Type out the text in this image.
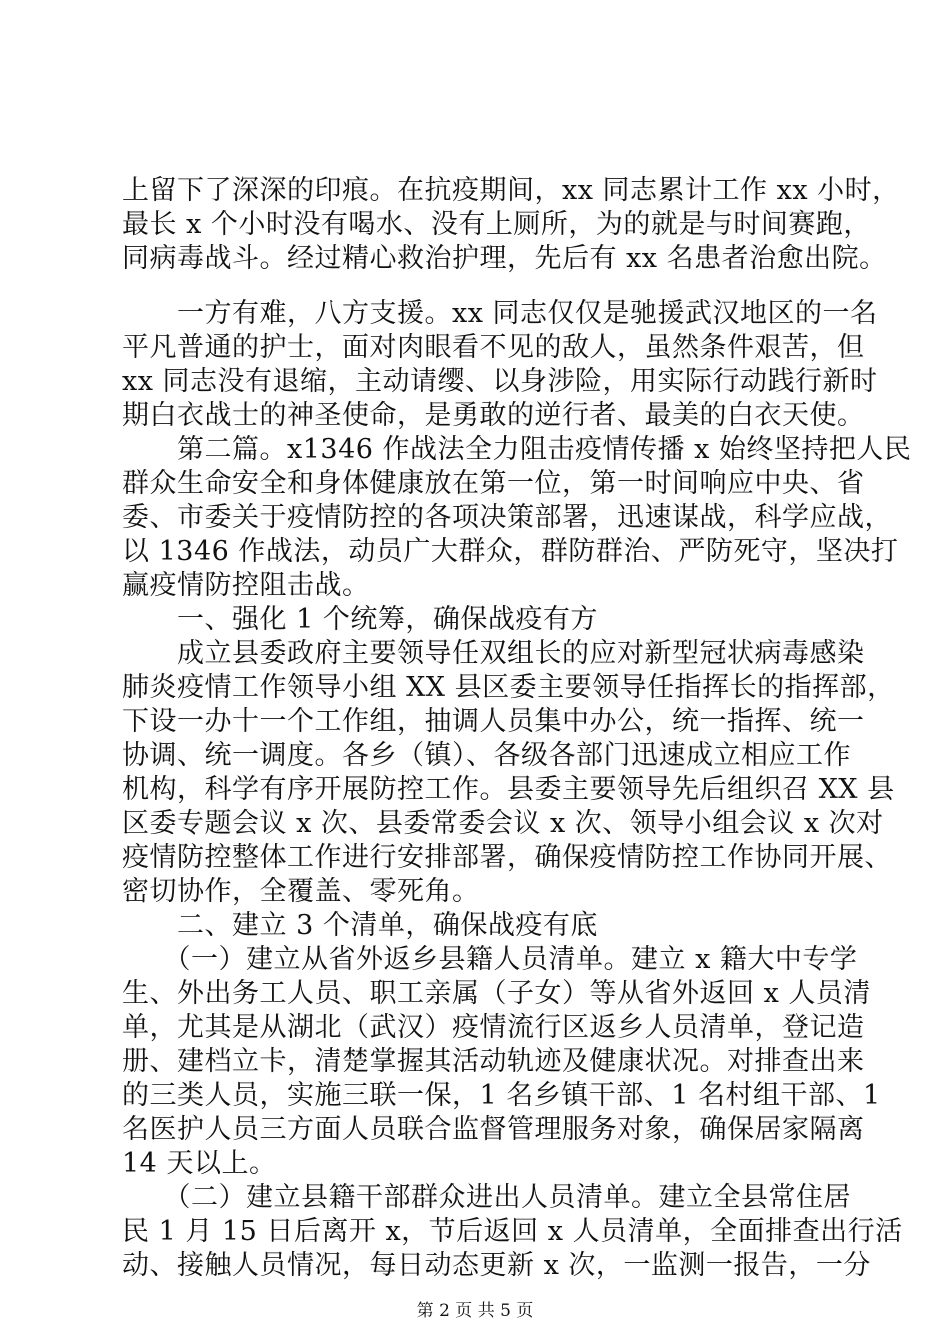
上留下了深深的印痕。在抗疫期间，xx 同志累计工作 xx 小时，
最长 x 个小时没有喝水、没有上厕所，为的就是与时间赛跑，
同病毒战斗。经过精心救治护理，先后有 xx 名患者治愈出院。
　　一方有难，八方支援。xx 同志仅仅是驰援武汉地区的一名
平凡普通的护士，面对肉眼看不见的敌人，虽然条件艰苦，但
xx 同志没有退缩，主动请缨、以身涉险，用实际行动践行新时
期白衣战士的神圣使命，是勇敢的逆行者、最美的白衣天使。
　　第二篇。x1346 作战法全力阻击疫情传播 x 始终坚持把人民
群众生命安全和身体健康放在第一位，第一时间响应中央、省
委、市委关于疫情防控的各项决策部署，迅速谋战，科学应战，
以 1346 作战法，动员广大群众，群防群治、严防死守，坚决打
赢疫情防控阻击战。
　　一、强化 1 个统筹，确保战疫有方
　　成立县委政府主要领导任双组长的应对新型冠状病毒感染
肺炎疫情工作领导小组 XX 县区委主要领导任指挥长的指挥部，
下设一办十一个工作组，抽调人员集中办公，统一指挥、统一
协调、统一调度。各乡（镇）、各级各部门迅速成立相应工作
机构，科学有序开展防控工作。县委主要领导先后组织召 XX 县
区委专题会议 x 次、县委常委会议 x 次、领导小组会议 x 次对
疫情防控整体工作进行安排部署，确保疫情防控工作协同开展、
密切协作，全覆盖、零死角。
　　二、建立 3 个清单，确保战疫有底
　　（一）建立从省外返乡县籍人员清单。建立 x 籍大中专学
生、外出务工人员、职工亲属（子女）等从省外返回 x 人员清
单，尤其是从湖北（武汉）疫情流行区返乡人员清单，登记造
册、建档立卡，清楚掌握其活动轨迹及健康状况。对排查出来
的三类人员，实施三联一保，1 名乡镇干部、1 名村组干部、1
名医护人员三方面人员联合监督管理服务对象，确保居家隔离
14 天以上。
　　（二）建立县籍干部群众进出人员清单。建立全县常住居
民 1 月 15 日后离开 x，节后返回 x 人员清单，全面排查出行活
动、接触人员情况，每日动态更新 x 次，一监测一报告，一分
第 2 页 共 5 页
